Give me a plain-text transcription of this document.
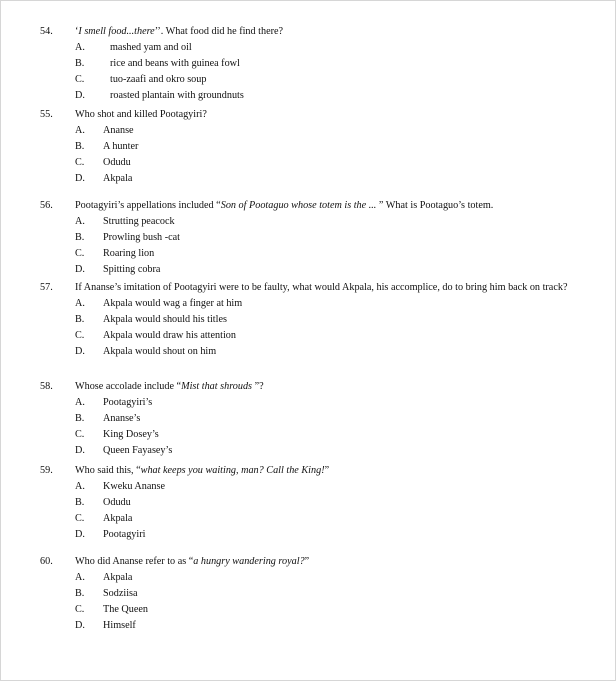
54.	‘I smell food...there’’. What food did he find there?
A.	mashed yam and oil
B.	rice and beans with guinea fowl
C.	tuo-zaafi and okro soup
D.	roasted plantain with groundnuts
55.	Who shot and killed Pootagyiri?
A.	Ananse
B.	A hunter
C.	Odudu
D.	Akpala
56.	Pootagyiri’s appellations included “Son of Pootaguo whose totem is the ... ” What is Pootaguo’s totem.
A.	Strutting peacock
B.	Prowling bush -cat
C.	Roaring lion
D.	Spitting cobra
57.	If Ananse’s imitation of Pootagyiri were to be faulty, what would Akpala, his accomplice, do to bring him back on track?
A.	Akpala would wag a finger at him
B.	Akpala would should his titles
C.	Akpala would draw his attention
D.	Akpala would shout on him
58.	Whose accolade include “Mist that shrouds ”?
A.	Pootagyiri’s
B.	Ananse’s
C.	King Dosey’s
D.	Queen Fayasey’s
59.	Who said this, “what keeps you waiting, man? Call the King!”
A.	Kweku Ananse
B.	Odudu
C.	Akpala
D.	Pootagyiri
60.	Who did Ananse refer to as “a hungry wandering royal?”
A.	Akpala
B.	Sodziisa
C.	The Queen
D.	Himself
